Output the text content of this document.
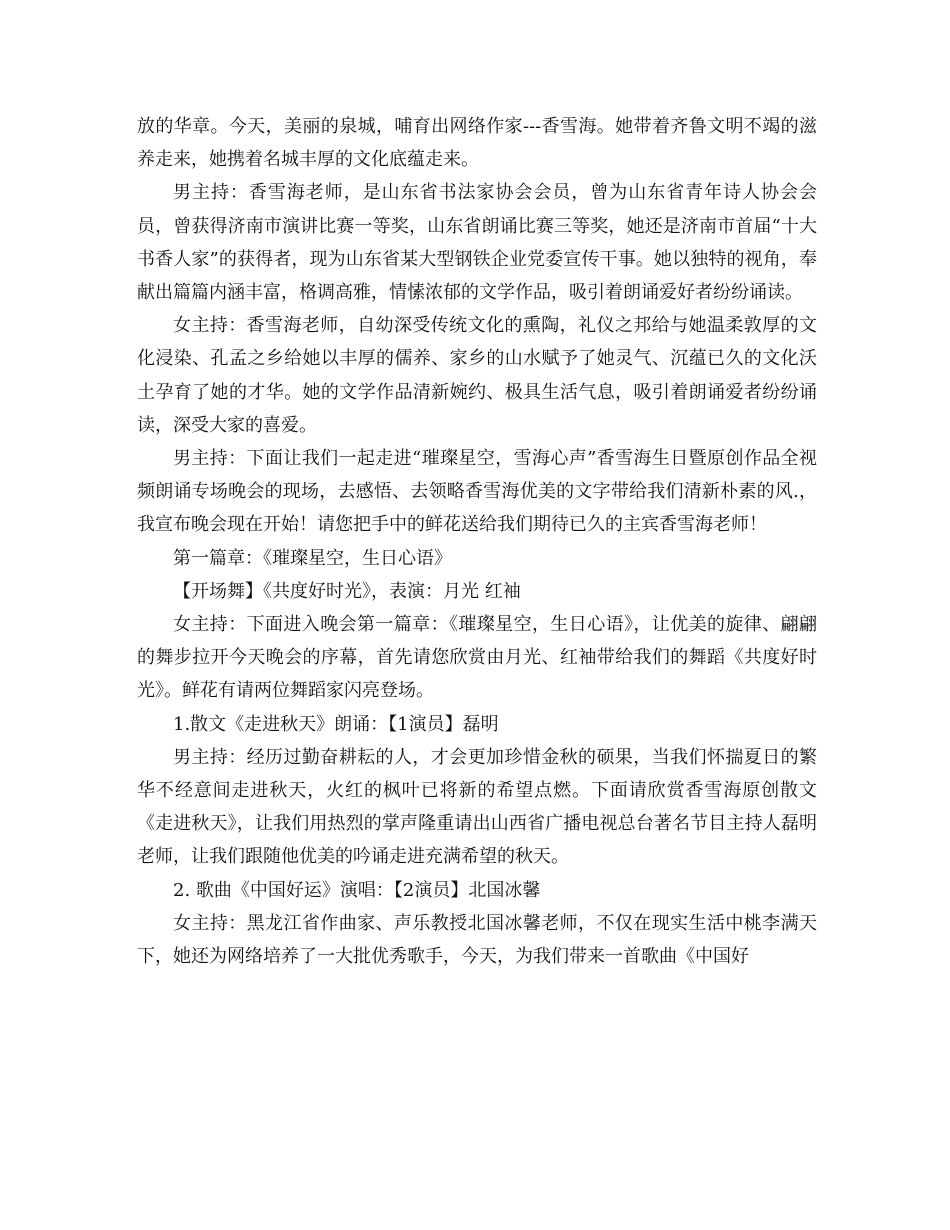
放的华章。今天，美丽的泉城，哺育出网络作家---香雪海。她带着齐鲁文明不竭的滋养走来，她携着名城丰厚的文化底蕴走来。

男主持：香雪海老师，是山东省书法家协会会员，曾为山东省青年诗人协会会员，曾获得济南市演讲比赛一等奖，山东省朗诵比赛三等奖，她还是济南市首届“十大书香人家”的获得者，现为山东省某大型钢铁企业党委宣传干事。她以独特的视角，奉献出篇篇内涵丰富，格调高雅，情愫浓郁的文学作品，吸引着朗诵爱好者纷纷诵读。

女主持：香雪海老师，自幼深受传统文化的熏陶，礼仪之邦给与她温柔敦厚的文化浸染、孔孟之乡给她以丰厚的儒养、家乡的山水赋予了她灵气、沉蕴已久的文化沃土孕育了她的才华。她的文学作品清新婉约、极具生活气息，吸引着朗诵爱者纷纷诵读，深受大家的喜爱。

男主持：下面让我们一起走进“璀璨星空，雪海心声”香雪海生日暨原创作品全视频朗诵专场晚会的现场，去感悟、去领略香雪海优美的文字带给我们清新朴素的风.，我宣布晚会现在开始！请您把手中的鲜花送给我们期待已久的主宾香雪海老师！

第一篇章：《璀璨星空，生日心语》

【开场舞】《共度好时光》，表演：月光 红袖

女主持：下面进入晚会第一篇章：《璀璨星空，生日心语》，让优美的旋律、翩翩的舞步拉开今天晚会的序幕，首先请您欣赏由月光、红袖带给我们的舞蹈《共度好时光》。鲜花有请两位舞蹈家闪亮登场。

1.散文《走进秋天》朗诵：【1演员】磊明

男主持：经历过勤奋耕耘的人，才会更加珍惜金秋的硕果，当我们怀揣夏日的繁华不经意间走进秋天，火红的枫叶已将新的希望点燃。下面请欣赏香雪海原创散文《走进秋天》，让我们用热烈的掌声隆重请出山西省广播电视总台著名节目主持人磊明老师，让我们跟随他优美的吟诵走进充满希望的秋天。

2. 歌曲《中国好运》演唱：【2演员】北国冰馨

女主持：黑龙江省作曲家、声乐教授北国冰馨老师，不仅在现实生活中桃李满天下，她还为网络培养了一大批优秀歌手，今天，为我们带来一首歌曲《中国好
